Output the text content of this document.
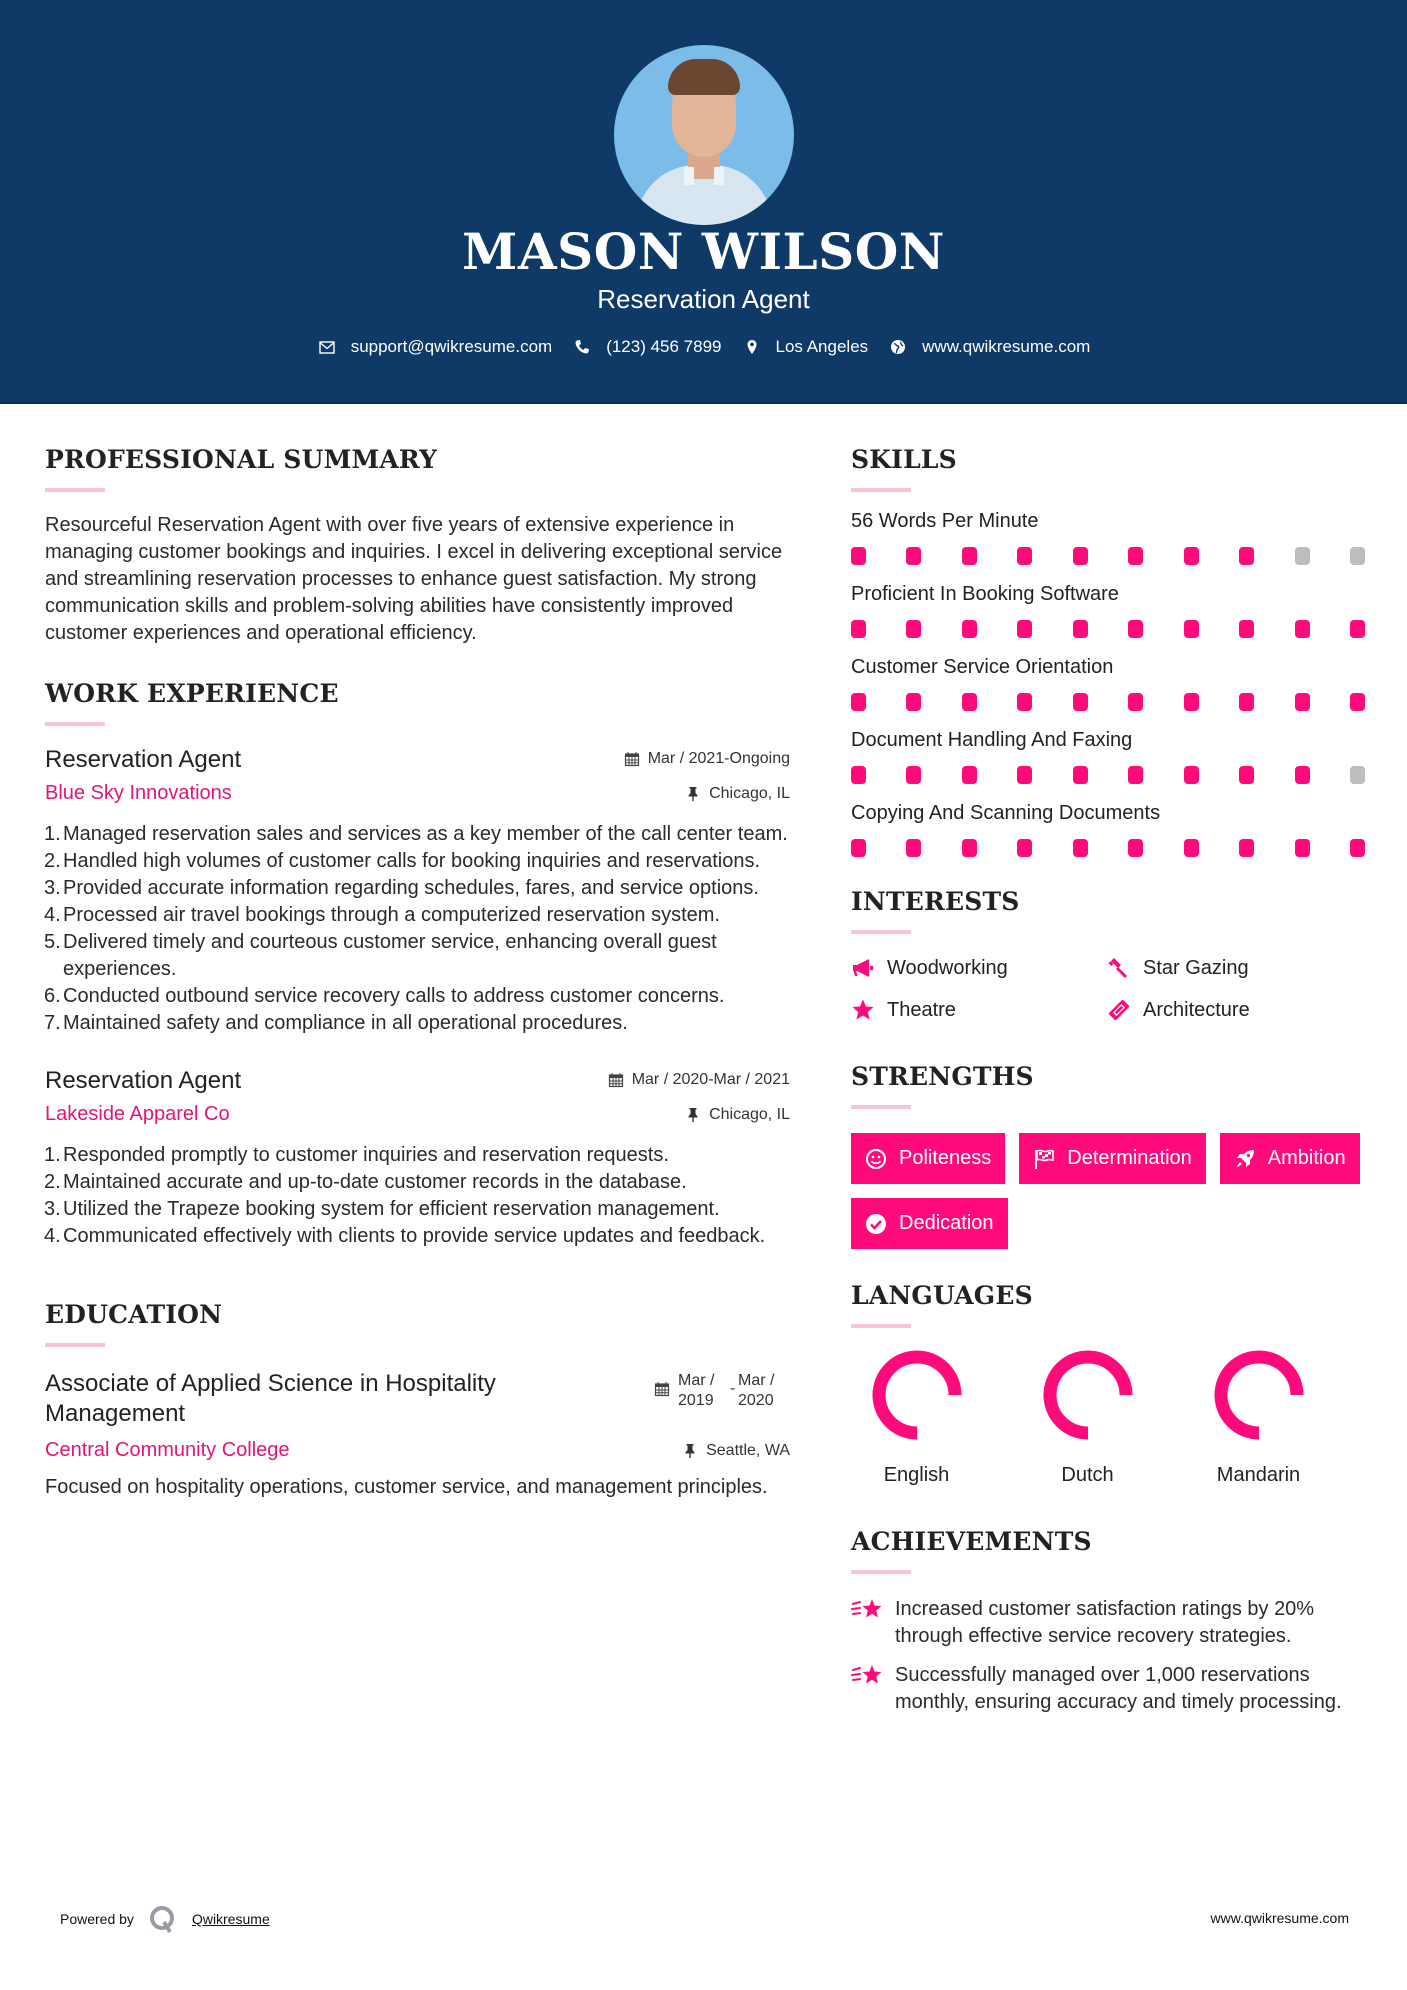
MASON WILSON
Reservation Agent
support@qwikresume.com	(123) 456 7899	Los Angeles	www.qwikresume.com
PROFESSIONAL SUMMARY

Resourceful Reservation Agent with over five years of extensive experience in managing customer bookings and inquiries. I excel in delivering exceptional service and streamlining reservation processes to enhance guest satisfaction. My strong communication skills and problem-solving abilities have consistently improved customer experiences and operational efficiency.

WORK EXPERIENCE
Reservation Agent	Mar / 2021-Ongoing
Blue Sky Innovations	Chicago, IL
Managed reservation sales and services as a key member of the call center team.
Handled high volumes of customer calls for booking inquiries and reservations.
Provided accurate information regarding schedules, fares, and service options.
Processed air travel bookings through a computerized reservation system.
Delivered timely and courteous customer service, enhancing overall guest experiences.
Conducted outbound service recovery calls to address customer concerns.
Maintained safety and compliance in all operational procedures.
Reservation Agent	Mar / 2020-Mar / 2021
Lakeside Apparel Co	Chicago, IL
Responded promptly to customer inquiries and reservation requests.
Maintained accurate and up-to-date customer records in the database.
Utilized the Trapeze booking system for efficient reservation management.
Communicated effectively with clients to provide service updates and feedback.
EDUCATION
Associate of Applied Science in Hospitality Management
Mar / 2019
- Mar / 2020
Central Community College	Seattle, WA

Focused on hospitality operations, customer service, and management principles.

SKILLS
56 Words Per Minute
Proficient In Booking Software
Customer Service Orientation
Document Handling And Faxing
Copying And Scanning Documents
INTERESTS
Woodworking	Star Gazing
Theatre	Architecture
STRENGTHS
Politeness	Determination	Ambition
Dedication
LANGUAGES
English	Dutch	Mandarin
ACHIEVEMENTS
Increased customer satisfaction ratings by 20% through effective service recovery strategies.
Successfully managed over 1,000 reservations monthly, ensuring accuracy and timely processing.
Powered by	Qwikresume	www.qwikresume.com
